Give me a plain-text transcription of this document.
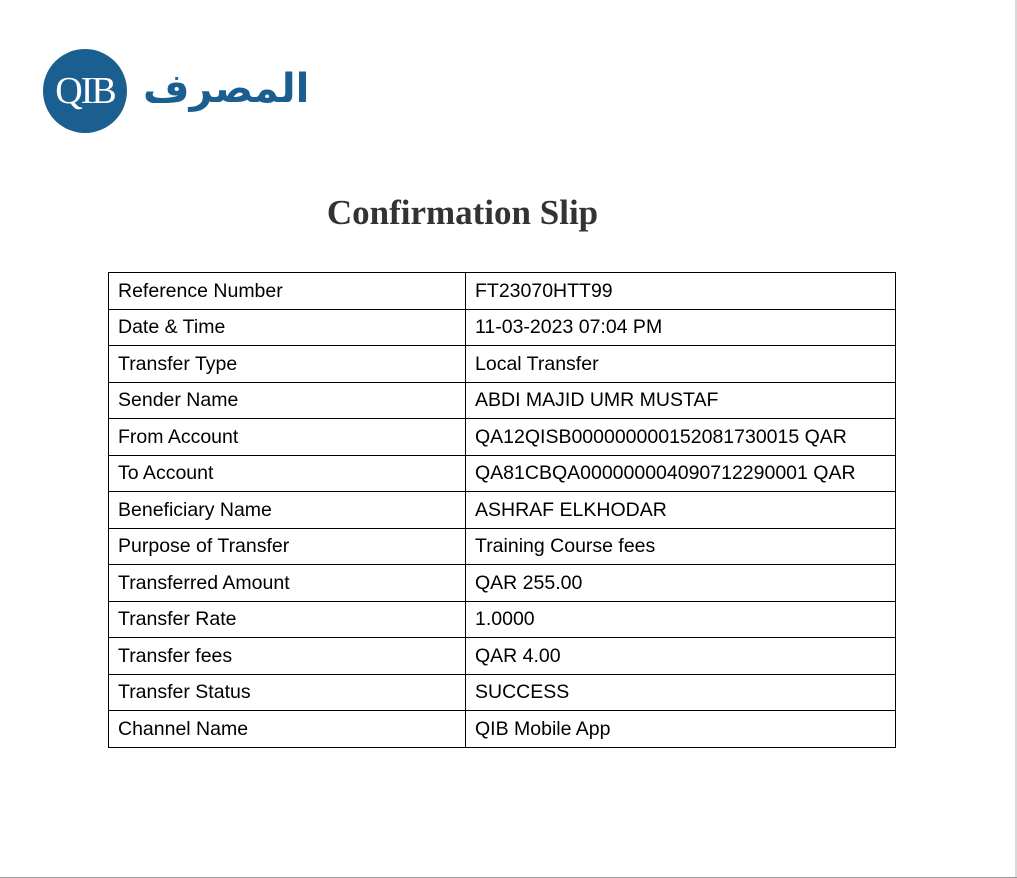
QIB المصرف
Confirmation Slip
Reference Number	FT23070HTT99
Date & Time	11-03-2023 07:04 PM
Transfer Type	Local Transfer
Sender Name	ABDI MAJID UMR MUSTAF
From Account	QA12QISB000000000152081730015 QAR
To Account	QA81CBQA000000004090712290001 QAR
Beneficiary Name	ASHRAF ELKHODAR
Purpose of Transfer	Training Course fees
Transferred Amount	QAR 255.00
Transfer Rate	1.0000
Transfer fees	QAR 4.00
Transfer Status	SUCCESS
Channel Name	QIB Mobile App
